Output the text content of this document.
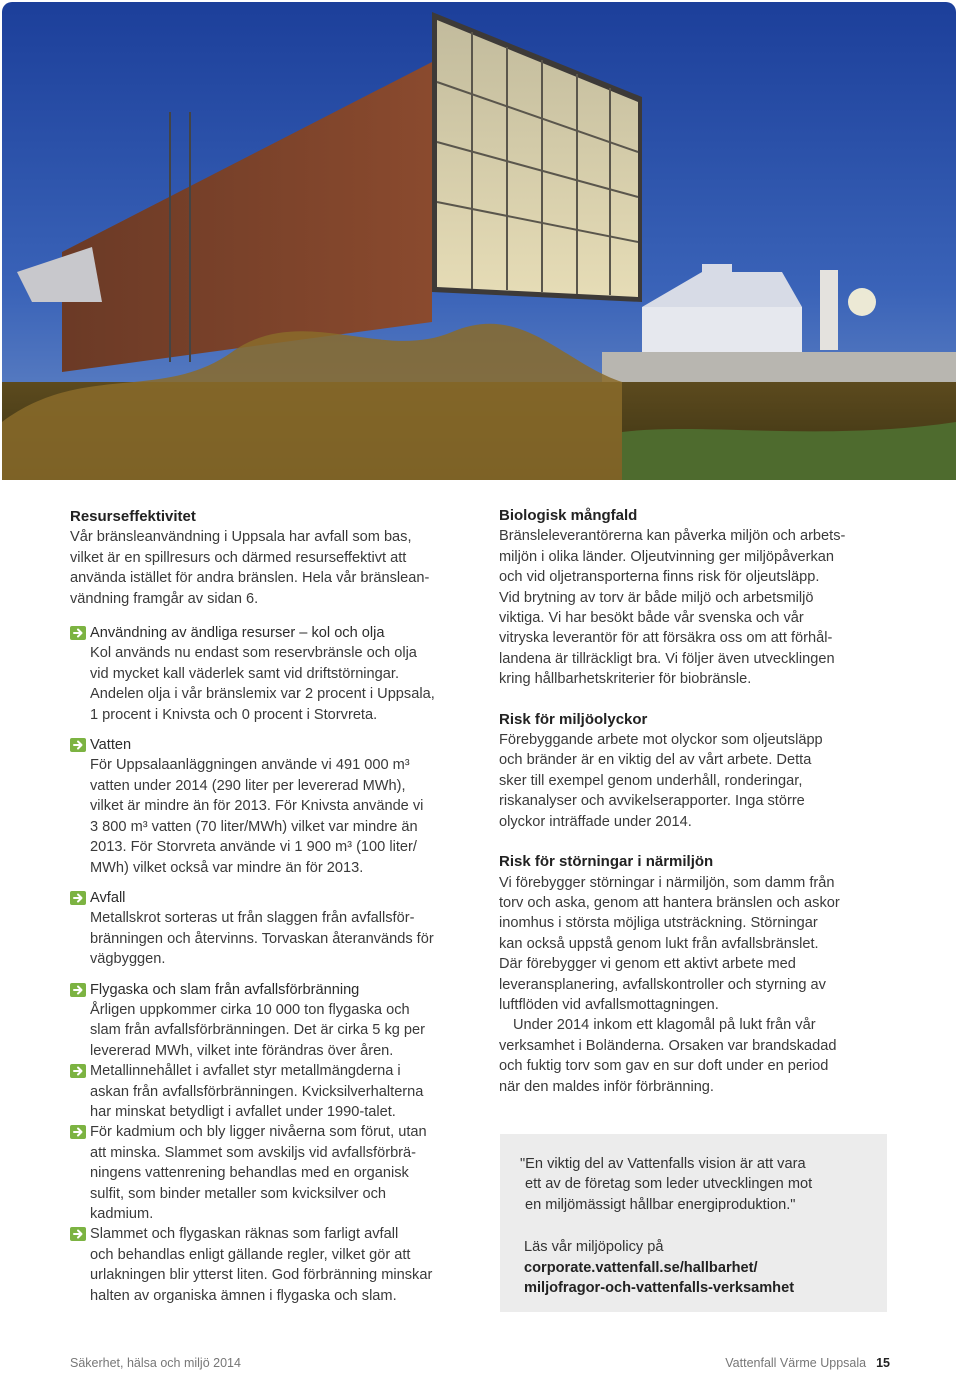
Resurseffektivitet

Vår bränsleanvändning i Uppsala har avfall som bas,

vilket är en spillresurs och därmed resurseffektivt att

använda istället för andra bränslen. Hela vår bränslean-

vändning framgår av sidan 6.

Användning av ändliga resurser – kol och olja

Kol används nu endast som reservbränsle och olja

vid mycket kall väderlek samt vid driftstörningar.

Andelen olja i vår bränslemix var 2 procent i Uppsala,

1 procent i Knivsta och 0 procent i Storvreta.

Vatten

För Uppsalaanläggningen använde vi 491 000 m³

vatten under 2014 (290 liter per levererad MWh),

vilket är mindre än för 2013. För Knivsta använde vi

3 800 m³ vatten (70 liter/MWh) vilket var mindre än

2013. För Storvreta använde vi 1 900 m³ (100 liter/

MWh) vilket också var mindre än för 2013.

Avfall

Metallskrot sorteras ut från slaggen från avfallsför-

bränningen och återvinns. Torvaskan återanvänds för

vägbyggen.

Flygaska och slam från avfallsförbränning

Årligen uppkommer cirka 10 000 ton flygaska och

slam från avfallsförbränningen. Det är cirka 5 kg per

levererad MWh, vilket inte förändras över åren.

Metallinnehållet i avfallet styr metallmängderna i

askan från avfallsförbränningen. Kvicksilverhalterna

har minskat betydligt i avfallet under 1990-talet.

För kadmium och bly ligger nivåerna som förut, utan

att minska. Slammet som avskiljs vid avfallsförbrä-

ningens vattenrening behandlas med en organisk

sulfit, som binder metaller som kvicksilver och

kadmium.

Slammet och flygaskan räknas som farligt avfall

och behandlas enligt gällande regler, vilket gör att

urlakningen blir ytterst liten. God förbränning minskar

halten av organiska ämnen i flygaska och slam.

Biologisk mångfald

Bränsleleverantörerna kan påverka miljön och arbets-

miljön i olika länder. Oljeutvinning ger miljöpåverkan

och vid oljetransporterna finns risk för oljeutsläpp.

Vid brytning av torv är både miljö och arbetsmiljö

viktiga. Vi har besökt både vår svenska och vår

vitryska leverantör för att försäkra oss om att förhål-

landena är tillräckligt bra. Vi följer även utvecklingen

kring hållbarhetskriterier för biobränsle.

Risk för miljöolyckor

Förebyggande arbete mot olyckor som oljeutsläpp

och bränder är en viktig del av vårt arbete. Detta

sker till exempel genom underhåll, ronderingar,

riskanalyser och avvikelserapporter. Inga större

olyckor inträffade under 2014.

Risk för störningar i närmiljön

Vi förebygger störningar i närmiljön, som damm från

torv och aska, genom att hantera bränslen och askor

inomhus i största möjliga utsträckning. Störningar

kan också uppstå genom lukt från avfallsbränslet.

Där förebygger vi genom ett aktivt arbete med

leveransplanering, avfallskontroller och styrning av

luftflöden vid avfallsmottagningen.

Under 2014 inkom ett klagomål på lukt från vår

verksamhet i Boländerna. Orsaken var brandskadad

och fuktig torv som gav en sur doft under en period

när den maldes inför förbränning.

"En viktig del av Vattenfalls vision är att vara

ett av de företag som leder utvecklingen mot

en miljömässigt hållbar energiproduktion."

Läs vår miljöpolicy på

corporate.vattenfall.se/hallbarhet/

miljofragor-och-vattenfalls-verksamhet

Säkerhet, hälsa och miljö 2014	Vattenfall Värme Uppsala 15
